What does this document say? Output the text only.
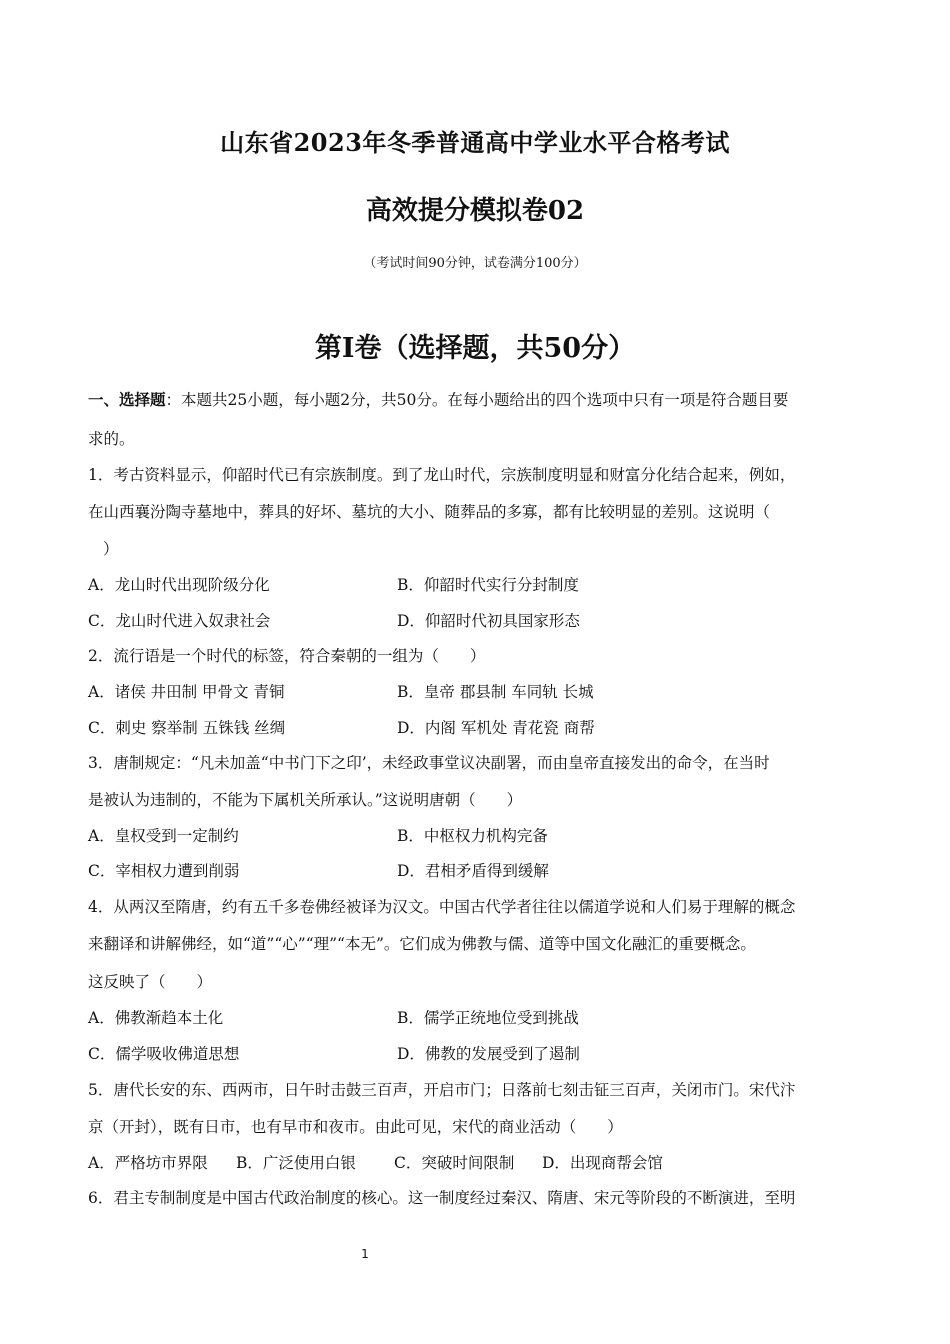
山东省2023年冬季普通高中学业水平合格考试
高效提分模拟卷02
（考试时间90分钟，试卷满分100分）
第I卷（选择题，共50分）
一、选择题：本题共25小题，每小题2分，共50分。在每小题给出的四个选项中只有一项是符合题目要
求的。
1．考古资料显示，仰韶时代已有宗族制度。到了龙山时代，宗族制度明显和财富分化结合起来，例如，
在山西襄汾陶寺墓地中，葬具的好坏、墓坑的大小、随葬品的多寡，都有比较明显的差别。这说明（
）
A．龙山时代出现阶级分化	B．仰韶时代实行分封制度
C．龙山时代进入奴隶社会	D．仰韶时代初具国家形态
2．流行语是一个时代的标签，符合秦朝的一组为（　　）
A．诸侯 井田制 甲骨文 青铜	B．皇帝 郡县制 车同轨 长城
C．刺史 察举制 五铢钱 丝绸	D．内阁 军机处 青花瓷 商帮
3．唐制规定：“凡未加盖“中书门下之印’，未经政事堂议决副署，而由皇帝直接发出的命令，在当时
是被认为违制的，不能为下属机关所承认。”这说明唐朝（　　）
A．皇权受到一定制约	B．中枢权力机构完备
C．宰相权力遭到削弱	D．君相矛盾得到缓解
4．从两汉至隋唐，约有五千多卷佛经被译为汉文。中国古代学者往往以儒道学说和人们易于理解的概念
来翻译和讲解佛经，如“道”“心”“理”“本无”。它们成为佛教与儒、道等中国文化融汇的重要概念。
这反映了（　　）
A．佛教渐趋本土化	B．儒学正统地位受到挑战
C．儒学吸收佛道思想	D．佛教的发展受到了遏制
5．唐代长安的东、西两市，日午时击鼓三百声，开启市门；日落前七刻击钲三百声，关闭市门。宋代汴
京（开封），既有日市，也有早市和夜市。由此可见，宋代的商业活动（　　）
A．严格坊市界限 B．广泛使用白银 C．突破时间限制 D．出现商帮会馆
6．君主专制制度是中国古代政治制度的核心。这一制度经过秦汉、隋唐、宋元等阶段的不断演进，至明
1
